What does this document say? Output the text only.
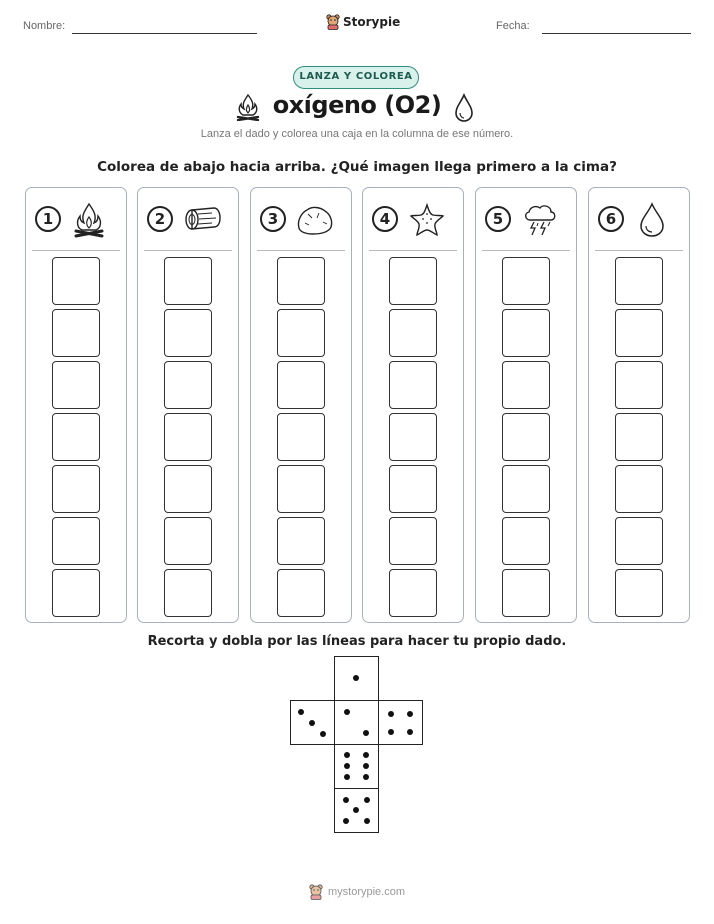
Nombre:	Fecha:
Storypie
LANZA Y COLOREA
oxígeno (O2)
Lanza el dado y colorea una caja en la columna de ese número.
Colorea de abajo hacia arriba. ¿Qué imagen llega primero a la cima?
1	2	3	4	5	6
Recorta y dobla por las líneas para hacer tu propio dado.
mystorypie.com
